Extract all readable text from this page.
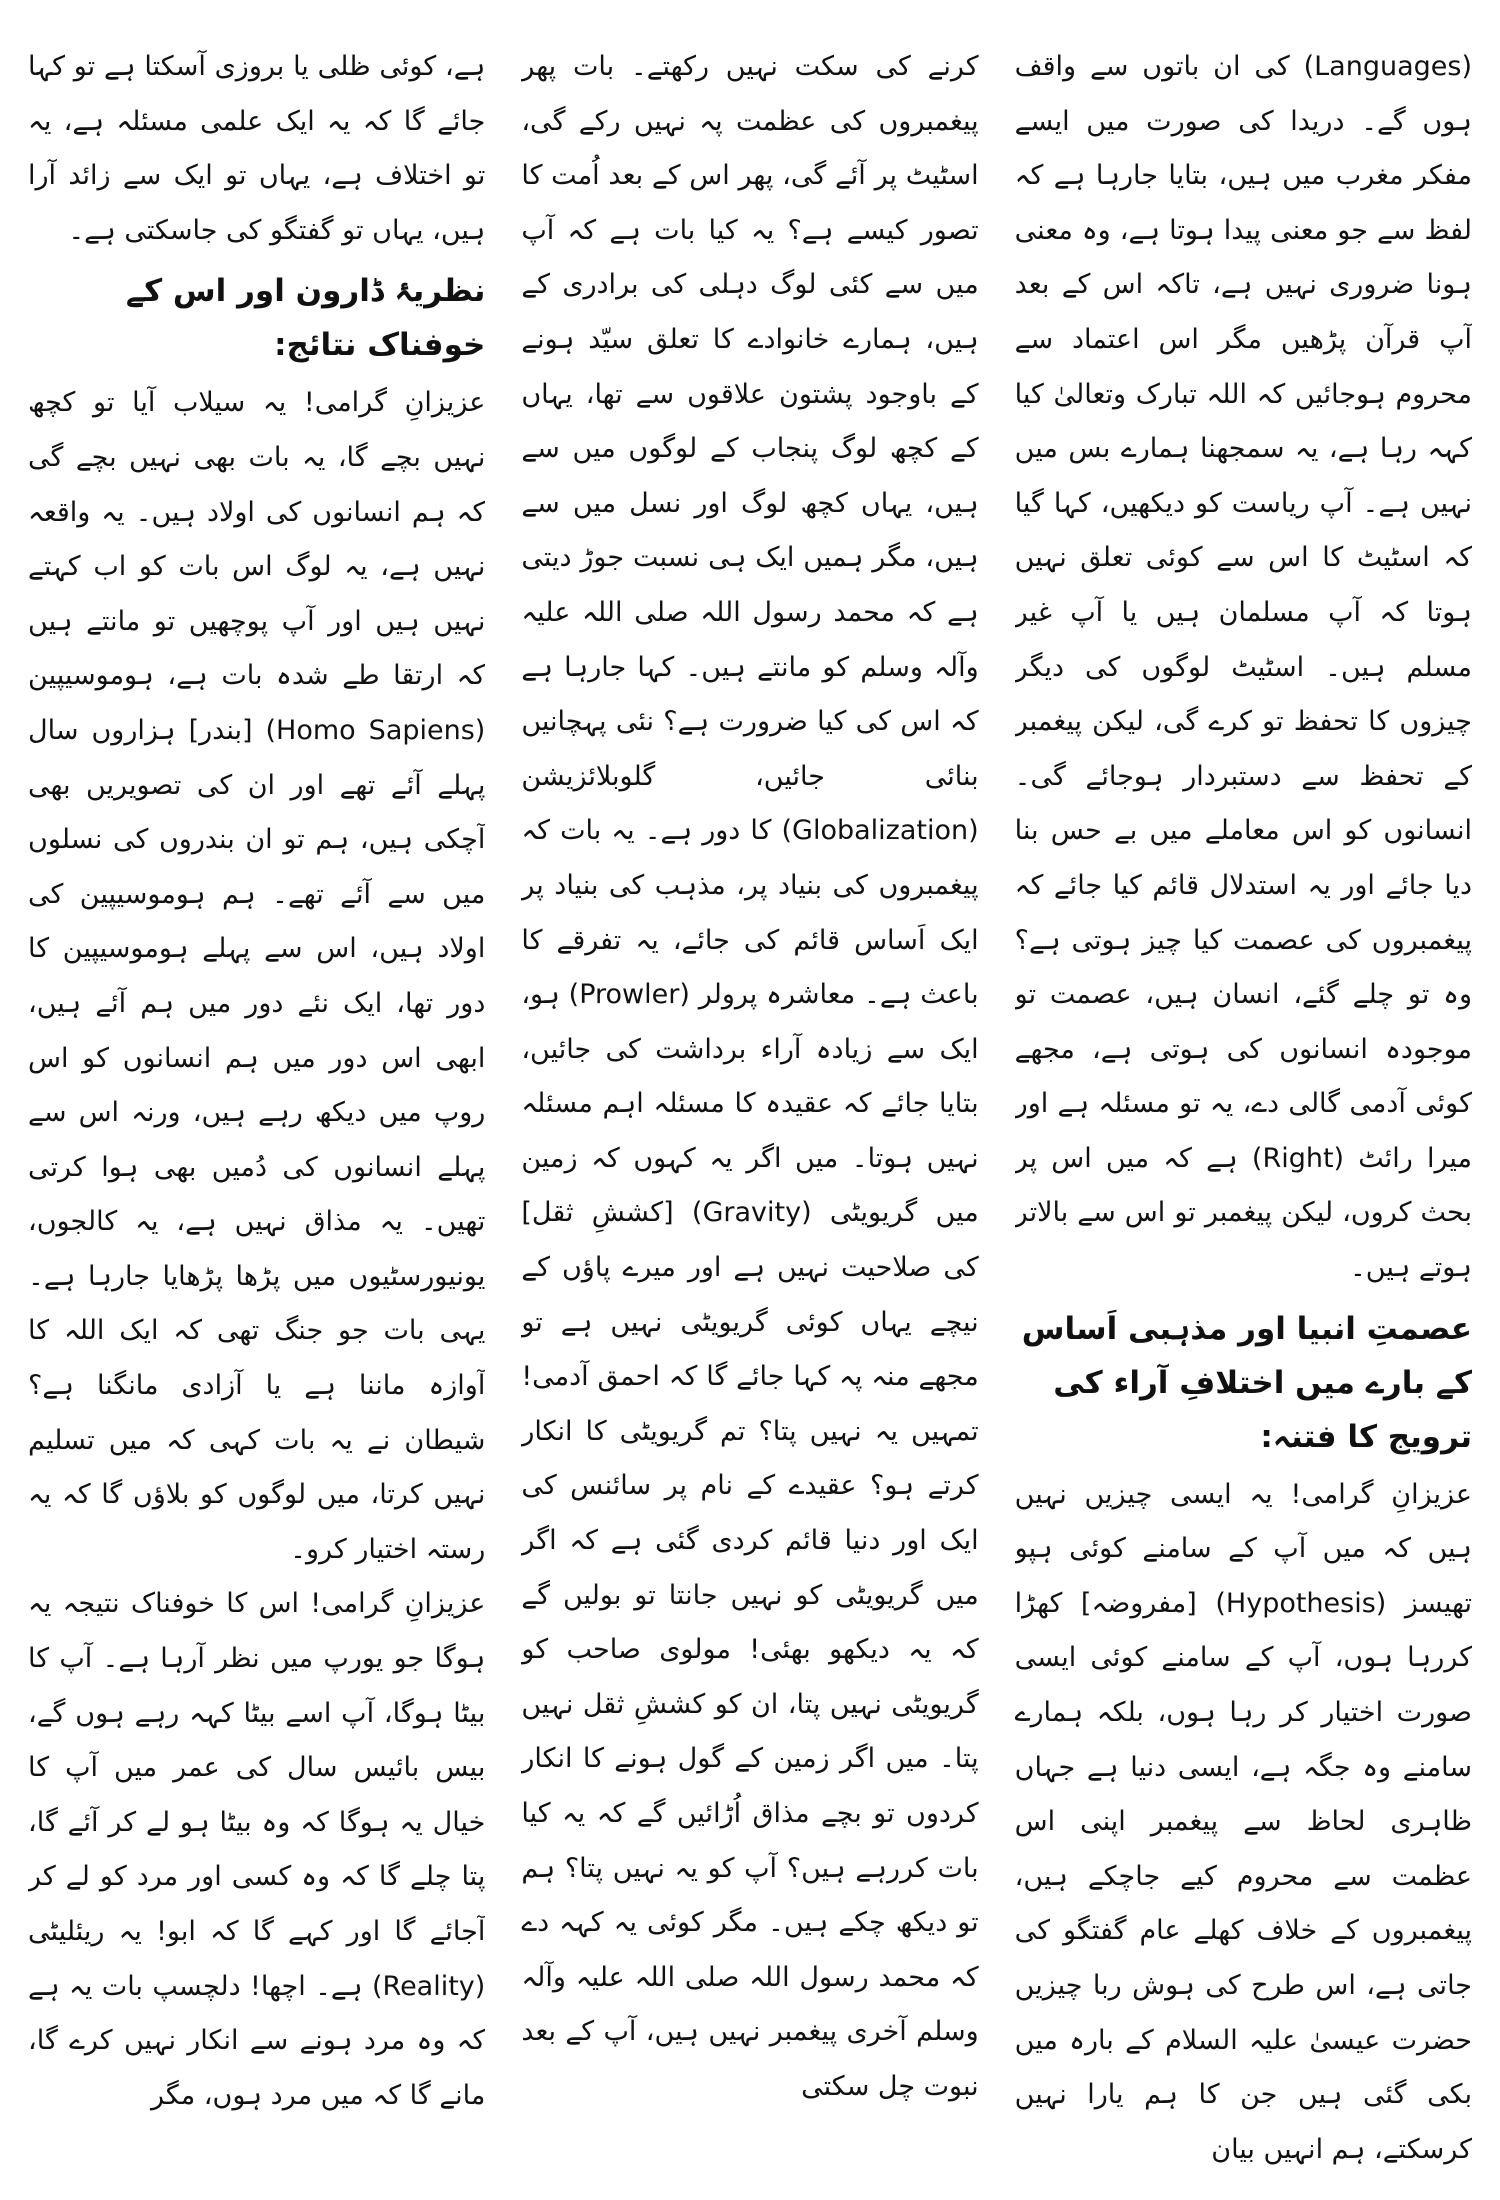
(Languages) کی ان باتوں سے واقف ہوں گے۔ دریدا کی صورت میں ایسے مفکر مغرب میں ہیں، بتایا جارہا ہے کہ لفظ سے جو معنی پیدا ہوتا ہے، وہ معنی ہونا ضروری نہیں ہے، تاکہ اس کے بعد آپ قرآن پڑھیں مگر اس اعتماد سے محروم ہوجائیں کہ اللہ تبارک وتعالیٰ کیا کہہ رہا ہے، یہ سمجھنا ہمارے بس میں نہیں ہے۔ آپ ریاست کو دیکھیں، کہا گیا کہ اسٹیٹ کا اس سے کوئی تعلق نہیں ہوتا کہ آپ مسلمان ہیں یا آپ غیر مسلم ہیں۔ اسٹیٹ لوگوں کی دیگر چیزوں کا تحفظ تو کرے گی، لیکن پیغمبر کے تحفظ سے دستبردار ہوجائے گی۔ انسانوں کو اس معاملے میں بے حس بنا دیا جائے اور یہ استدلال قائم کیا جائے کہ پیغمبروں کی عصمت کیا چیز ہوتی ہے؟ وہ تو چلے گئے، انسان ہیں، عصمت تو موجودہ انسانوں کی ہوتی ہے، مجھے کوئی آدمی گالی دے، یہ تو مسئلہ ہے اور میرا رائٹ (Right) ہے کہ میں اس پر بحث کروں، لیکن پیغمبر تو اس سے بالاتر ہوتے ہیں۔

عصمتِ انبیا اور مذہبی اَساس کے بارے میں اختلافِ آراء کی ترویج کا فتنہ:

عزیزانِ گرامی! یہ ایسی چیزیں نہیں ہیں کہ میں آپ کے سامنے کوئی ہپو تھیسز (Hypothesis) [مفروضہ] کھڑا کررہا ہوں، آپ کے سامنے کوئی ایسی صورت اختیار کر رہا ہوں، بلکہ ہمارے سامنے وہ جگہ ہے، ایسی دنیا ہے جہاں ظاہری لحاظ سے پیغمبر اپنی اس عظمت سے محروم کیے جاچکے ہیں، پیغمبروں کے خلاف کھلے عام گفتگو کی جاتی ہے، اس طرح کی ہوش ربا چیزیں حضرت عیسیٰ علیہ السلام کے بارہ میں بکی گئی ہیں جن کا ہم یارا نہیں کرسکتے، ہم انہیں بیان

کرنے کی سکت نہیں رکھتے۔ بات پھر پیغمبروں کی عظمت پہ نہیں رکے گی، اسٹیٹ پر آئے گی، پھر اس کے بعد اُمت کا تصور کیسے ہے؟ یہ کیا بات ہے کہ آپ میں سے کئی لوگ دہلی کی برادری کے ہیں، ہمارے خانوادے کا تعلق سیّد ہونے کے باوجود پشتون علاقوں سے تھا، یہاں کے کچھ لوگ پنجاب کے لوگوں میں سے ہیں، یہاں کچھ لوگ اور نسل میں سے ہیں، مگر ہمیں ایک ہی نسبت جوڑ دیتی ہے کہ محمد رسول اللہ صلی اللہ علیہ وآلہ وسلم کو مانتے ہیں۔ کہا جارہا ہے کہ اس کی کیا ضرورت ہے؟ نئی پہچانیں بنائی جائیں، گلوبلائزیشن (Globalization) کا دور ہے۔ یہ بات کہ پیغمبروں کی بنیاد پر، مذہب کی بنیاد پر ایک اَساس قائم کی جائے، یہ تفرقے کا باعث ہے۔ معاشرہ پرولر (Prowler) ہو، ایک سے زیادہ آراء برداشت کی جائیں، بتایا جائے کہ عقیدہ کا مسئلہ اہم مسئلہ نہیں ہوتا۔ میں اگر یہ کہوں کہ زمین میں گریویٹی (Gravity) [کششِ ثقل] کی صلاحیت نہیں ہے اور میرے پاؤں کے نیچے یہاں کوئی گریویٹی نہیں ہے تو مجھے منہ پہ کہا جائے گا کہ احمق آدمی! تمہیں یہ نہیں پتا؟ تم گریویٹی کا انکار کرتے ہو؟ عقیدے کے نام پر سائنس کی ایک اور دنیا قائم کردی گئی ہے کہ اگر میں گریویٹی کو نہیں جانتا تو بولیں گے کہ یہ دیکھو بھئی! مولوی صاحب کو گریویٹی نہیں پتا، ان کو کششِ ثقل نہیں پتا۔ میں اگر زمین کے گول ہونے کا انکار کردوں تو بچے مذاق اُڑائیں گے کہ یہ کیا بات کررہے ہیں؟ آپ کو یہ نہیں پتا؟ ہم تو دیکھ چکے ہیں۔ مگر کوئی یہ کہہ دے کہ محمد رسول اللہ صلی اللہ علیہ وآلہ وسلم آخری پیغمبر نہیں ہیں، آپ کے بعد نبوت چل سکتی

ہے، کوئی ظلی یا بروزی آسکتا ہے تو کہا جائے گا کہ یہ ایک علمی مسئلہ ہے، یہ تو اختلاف ہے، یہاں تو ایک سے زائد آرا ہیں، یہاں تو گفتگو کی جاسکتی ہے۔

نظریۂ ڈارون اور اس کے خوفناک نتائج:

عزیزانِ گرامی! یہ سیلاب آیا تو کچھ نہیں بچے گا، یہ بات بھی نہیں بچے گی کہ ہم انسانوں کی اولاد ہیں۔ یہ واقعہ نہیں ہے، یہ لوگ اس بات کو اب کہتے نہیں ہیں اور آپ پوچھیں تو مانتے ہیں کہ ارتقا طے شدہ بات ہے، ہوموسیپین (Homo Sapiens) [بندر] ہزاروں سال پہلے آئے تھے اور ان کی تصویریں بھی آچکی ہیں، ہم تو ان بندروں کی نسلوں میں سے آئے تھے۔ ہم ہوموسیپین کی اولاد ہیں، اس سے پہلے ہوموسیپین کا دور تھا، ایک نئے دور میں ہم آئے ہیں، ابھی اس دور میں ہم انسانوں کو اس روپ میں دیکھ رہے ہیں، ورنہ اس سے پہلے انسانوں کی دُمیں بھی ہوا کرتی تھیں۔ یہ مذاق نہیں ہے، یہ کالجوں، یونیورسٹیوں میں پڑھا پڑھایا جارہا ہے۔ یہی بات جو جنگ تھی کہ ایک اللہ کا آوازہ ماننا ہے یا آزادی مانگنا ہے؟ شیطان نے یہ بات کہی کہ میں تسلیم نہیں کرتا، میں لوگوں کو بلاؤں گا کہ یہ رستہ اختیار کرو۔

عزیزانِ گرامی! اس کا خوفناک نتیجہ یہ ہوگا جو یورپ میں نظر آرہا ہے۔ آپ کا بیٹا ہوگا، آپ اسے بیٹا کہہ رہے ہوں گے، بیس بائیس سال کی عمر میں آپ کا خیال یہ ہوگا کہ وہ بیٹا ہو لے کر آئے گا، پتا چلے گا کہ وہ کسی اور مرد کو لے کر آجائے گا اور کہے گا کہ ابو! یہ ریئلیٹی (Reality) ہے۔ اچھا! دلچسپ بات یہ ہے کہ وہ مرد ہونے سے انکار نہیں کرے گا، مانے گا کہ میں مرد ہوں، مگر
